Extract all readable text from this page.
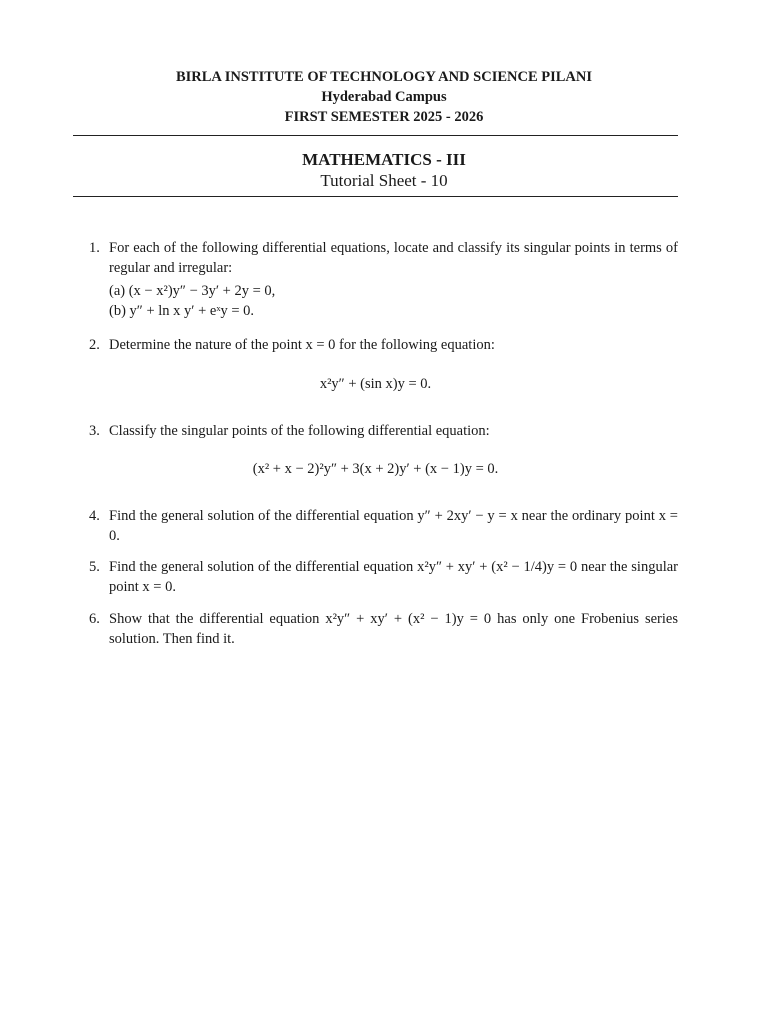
BIRLA INSTITUTE OF TECHNOLOGY AND SCIENCE PILANI
Hyderabad Campus
FIRST SEMESTER 2025 - 2026
MATHEMATICS - III
Tutorial Sheet - 10
1. For each of the following differential equations, locate and classify its singular points in terms of regular and irregular:
(a) (x − x²)y″ − 3y′ + 2y = 0,
(b) y″ + ln x y′ + eˣy = 0.
2. Determine the nature of the point x = 0 for the following equation:
x²y″ + (sin x)y = 0.
3. Classify the singular points of the following differential equation:
(x² + x − 2)²y″ + 3(x + 2)y′ + (x − 1)y = 0.
4. Find the general solution of the differential equation y″ + 2xy′ − y = x near the ordinary point x = 0.
5. Find the general solution of the differential equation x²y″ + xy′ + (x² − 1/4)y = 0 near the singular point x = 0.
6. Show that the differential equation x²y″ + xy′ + (x² − 1)y = 0 has only one Frobenius series solution. Then find it.
